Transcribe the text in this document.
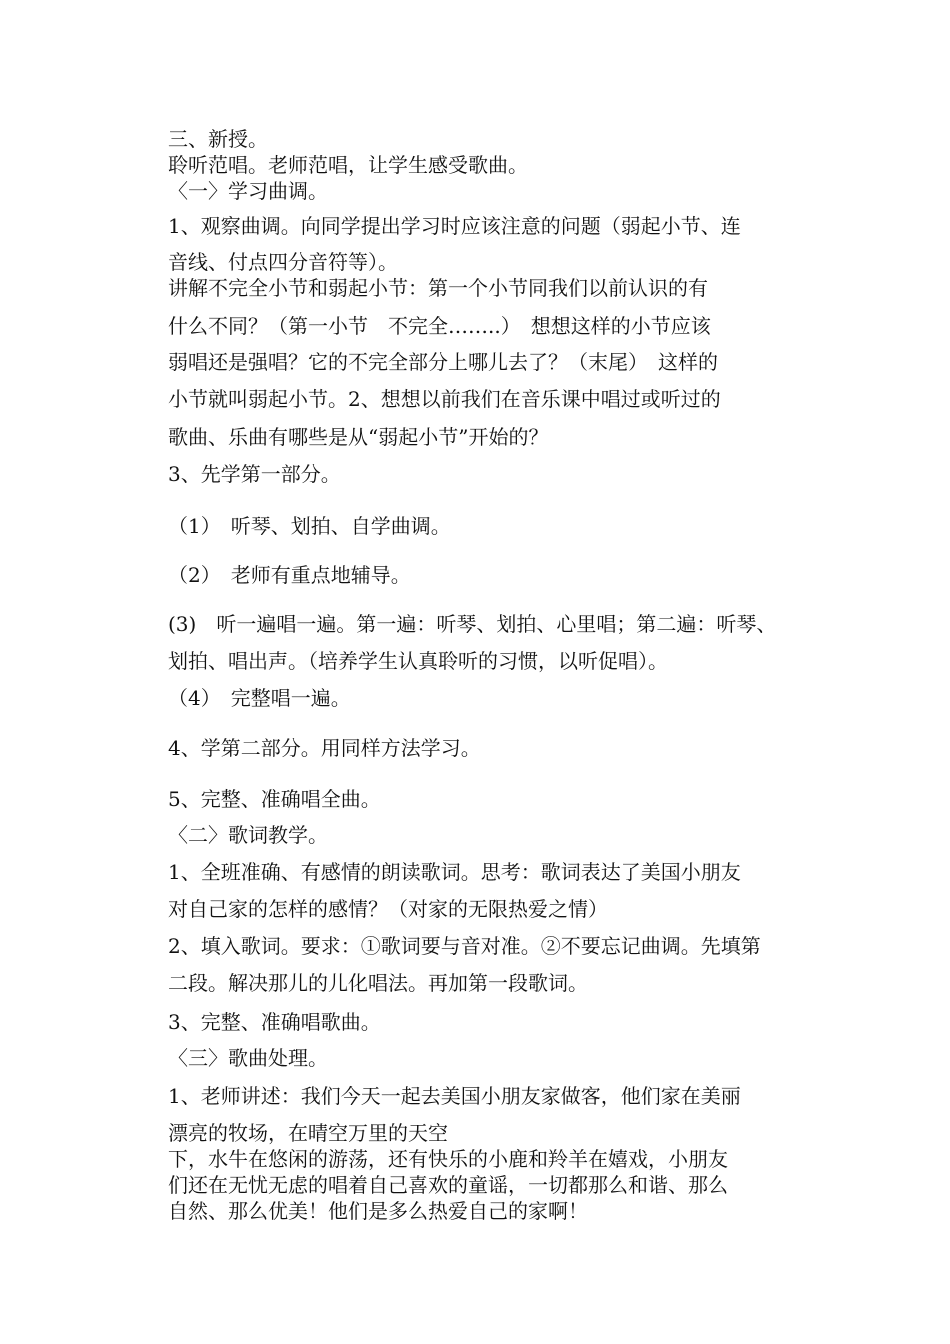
三、新授。
聆听范唱。老师范唱，让学生感受歌曲。
〈一〉学习曲调。
1、观察曲调。向同学提出学习时应该注意的问题（弱起小节、连
音线、付点四分音符等）。
讲解不完全小节和弱起小节：第一个小节同我们以前认识的有
什么不同？（第一小节　不完全……..）　想想这样的小节应该
弱唱还是强唱？它的不完全部分上哪儿去了？（末尾）　这样的
小节就叫弱起小节。2、想想以前我们在音乐课中唱过或听过的
歌曲、乐曲有哪些是从“弱起小节”开始的？
3、先学第一部分。
（1）　听琴、划拍、自学曲调。
（2）　老师有重点地辅导。
(3)　听一遍唱一遍。第一遍：听琴、划拍、心里唱；第二遍：听琴、
划拍、唱出声。（培养学生认真聆听的习惯，以听促唱）。
（4）　完整唱一遍。
4、学第二部分。用同样方法学习。
5、完整、准确唱全曲。
〈二〉歌词教学。
1、全班准确、有感情的朗读歌词。思考：歌词表达了美国小朋友
对自己家的怎样的感情？（对家的无限热爱之情）
2、填入歌词。要求：①歌词要与音对准。②不要忘记曲调。先填第
二段。解决那儿的儿化唱法。再加第一段歌词。
3、完整、准确唱歌曲。
〈三〉歌曲处理。
1、老师讲述：我们今天一起去美国小朋友家做客，他们家在美丽
漂亮的牧场，在晴空万里的天空
下，水牛在悠闲的游荡，还有快乐的小鹿和羚羊在嬉戏，小朋友
们还在无忧无虑的唱着自己喜欢的童谣，一切都那么和谐、那么
自然、那么优美！他们是多么热爱自己的家啊！
